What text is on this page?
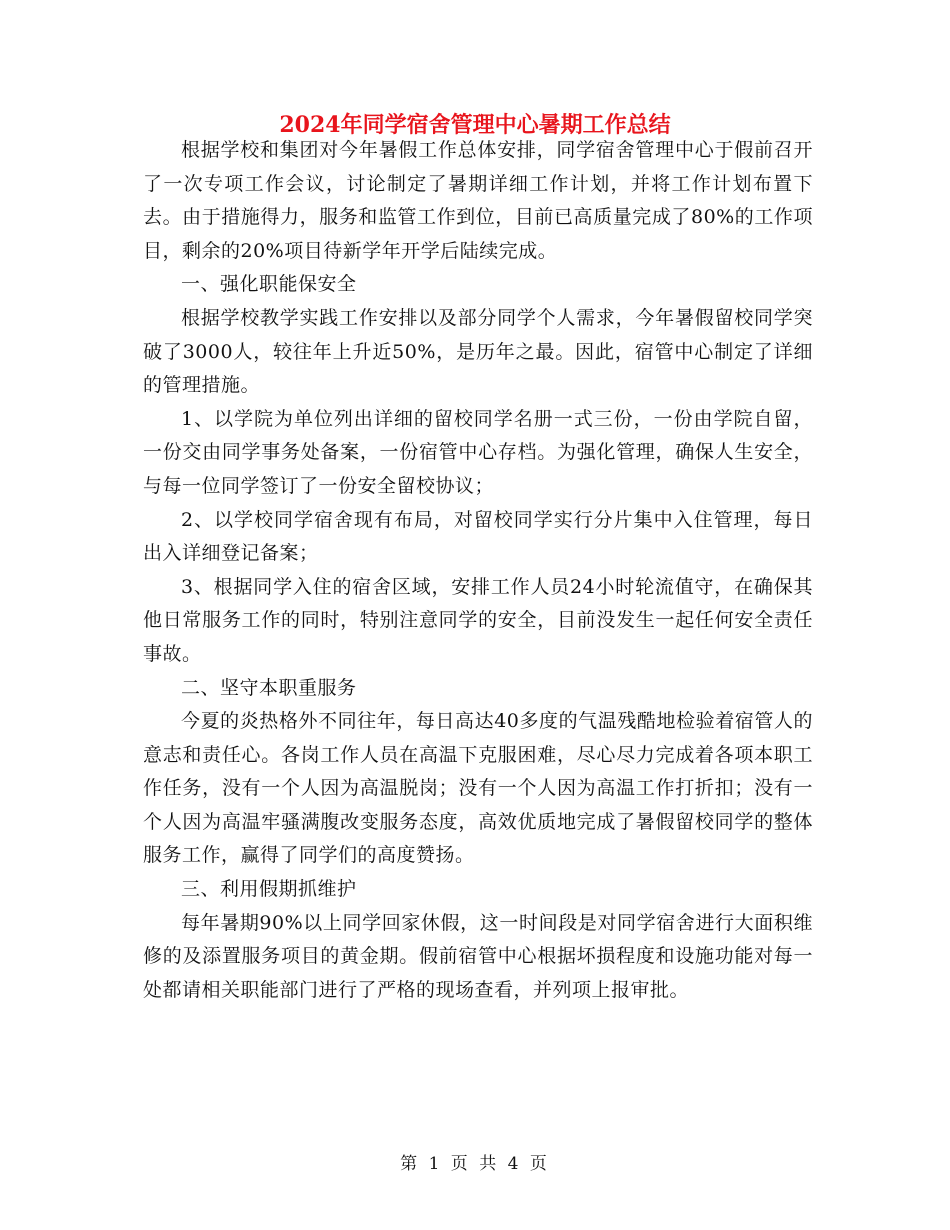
2024年同学宿舍管理中心暑期工作总结

根据学校和集团对今年暑假工作总体安排，同学宿舍管理中心于假前召开了一次专项工作会议，讨论制定了暑期详细工作计划，并将工作计划布置下去。由于措施得力，服务和监管工作到位，目前已高质量完成了80%的工作项目，剩余的20%项目待新学年开学后陆续完成。

一、强化职能保安全

根据学校教学实践工作安排以及部分同学个人需求，今年暑假留校同学突破了3000人，较往年上升近50%，是历年之最。因此，宿管中心制定了详细的管理措施。

1、以学院为单位列出详细的留校同学名册一式三份，一份由学院自留，一份交由同学事务处备案，一份宿管中心存档。为强化管理，确保人生安全，与每一位同学签订了一份安全留校协议；

2、以学校同学宿舍现有布局，对留校同学实行分片集中入住管理，每日出入详细登记备案；

3、根据同学入住的宿舍区域，安排工作人员24小时轮流值守，在确保其他日常服务工作的同时，特别注意同学的安全，目前没发生一起任何安全责任事故。

二、坚守本职重服务

今夏的炎热格外不同往年，每日高达40多度的气温残酷地检验着宿管人的意志和责任心。各岗工作人员在高温下克服困难，尽心尽力完成着各项本职工作任务，没有一个人因为高温脱岗；没有一个人因为高温工作打折扣；没有一个人因为高温牢骚满腹改变服务态度，高效优质地完成了暑假留校同学的整体服务工作，赢得了同学们的高度赞扬。

三、利用假期抓维护

每年暑期90%以上同学回家休假，这一时间段是对同学宿舍进行大面积维修的及添置服务项目的黄金期。假前宿管中心根据坏损程度和设施功能对每一处都请相关职能部门进行了严格的现场查看，并列项上报审批。

第 1 页 共 4 页
